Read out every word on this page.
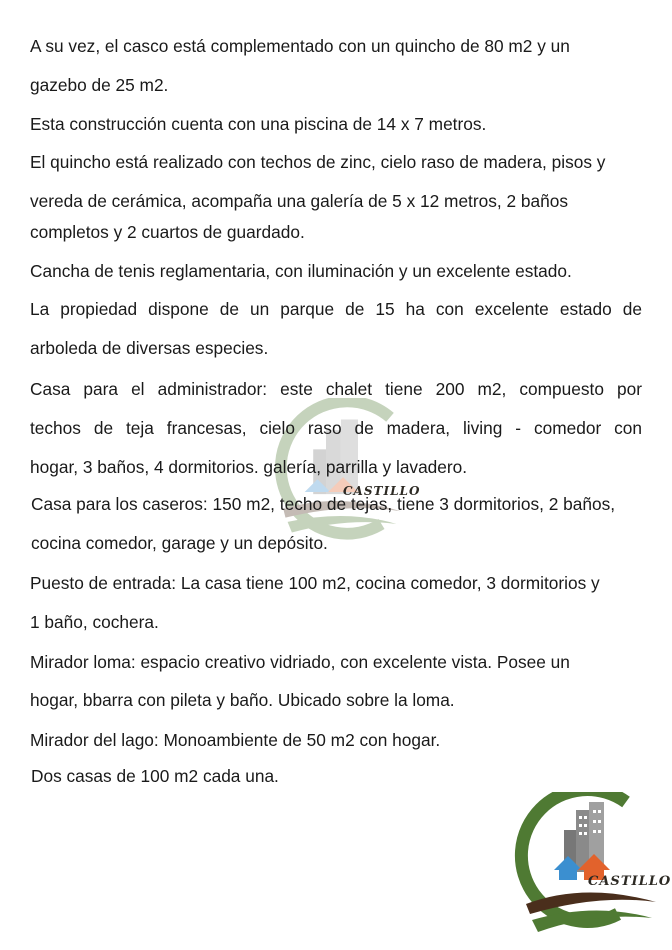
CASTILLO
A su vez, el casco está complementado con un quincho de 80 m2 y un
gazebo de 25 m2.
Esta construcción cuenta con una piscina de 14 x 7 metros.
El quincho está realizado con techos de zinc, cielo raso de madera, pisos y
vereda de cerámica, acompaña una galería de 5 x 12 metros, 2 baños
completos y 2 cuartos de guardado.
Cancha de tenis reglamentaria, con iluminación y un excelente estado.
La propiedad dispone de un parque de 15 ha con excelente estado de
arboleda de diversas especies.
Casa para el administrador: este chalet tiene 200 m2, compuesto por
techos de teja francesas, cielo raso de madera, living - comedor con
hogar, 3 baños, 4 dormitorios. galería, parrilla y lavadero.
Casa para los caseros: 150 m2, techo de tejas, tiene 3 dormitorios, 2 baños,
cocina comedor, garage y un depósito.
Puesto de entrada: La casa tiene 100 m2, cocina comedor, 3 dormitorios y
1 baño, cochera.
Mirador loma: espacio creativo vidriado, con excelente vista. Posee un
hogar, bbarra con pileta y baño. Ubicado sobre la loma.
Mirador del lago: Monoambiente de 50 m2 con hogar.
Dos casas de 100 m2 cada una.
CASTILLO
